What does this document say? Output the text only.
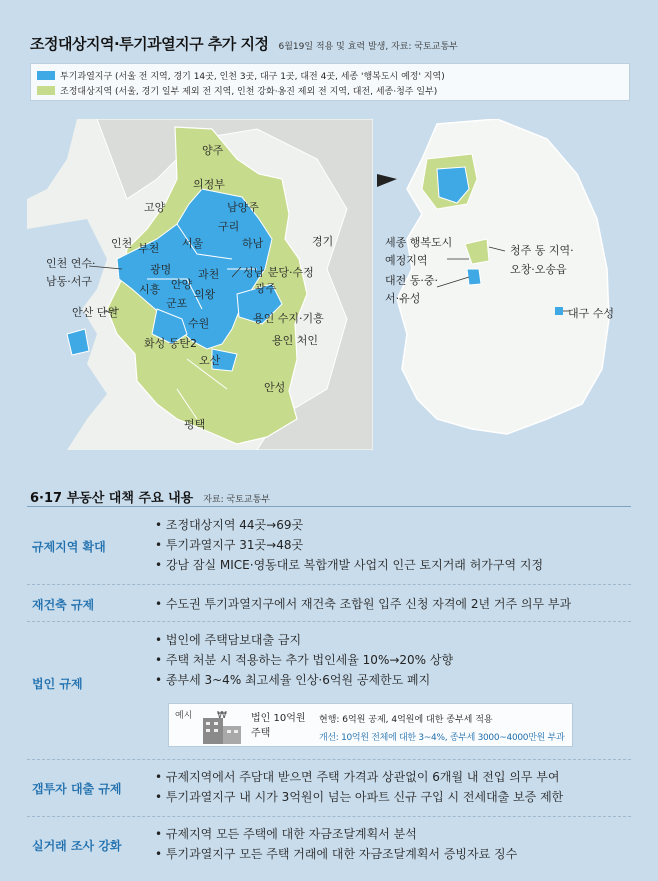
조정대상지역·투기과열지구 추가 지정 6월19일 적용 및 효력 발생, 자료: 국토교통부
투기과열지구 (서울 전 지역, 경기 14곳, 인천 3곳, 대구 1곳, 대전 4곳, 세종 '행복도시 예정' 지역)
조정대상지역 (서울, 경기 일부 제외 전 지역, 인천 강화·옹진 제외 전 지역, 대전, 세종·청주 일부)
양주
의정부
고양	남양주
구리
인천 부천 서울	하남	경기
인천 연수·
남동·서구
광명 과천 성남 분당·수정
시흥 안양
의왕	광주
군포
안산 단원
수원	용인 수지·기흥
용인 처인
화성 동탄2
오산
안성
평택
세종 행복도시
예정지역
대전 동·중·
서·유성
청주 동 지역·
오창·오송읍
대구 수성
6·17 부동산 대책 주요 내용 자료: 국토교통부
규제지역 확대
• 조정대상지역 44곳→69곳
• 투기과열지구 31곳→48곳
• 강남 잠실 MICE·영동대로 복합개발 사업지 인근 토지거래 허가구역 지정
재건축 규제
•	수도권 투기과열지구에서 재건축 조합원 입주 신청 자격에 2년 거주 의무 부과
법인 규제
• 법인에 주택담보대출 금지
• 주택 처분 시 적용하는 추가 법인세율 10%→20% 상향
• 종부세 3~4% 최고세율 인상·6억원 공제한도 폐지
예시 ₩ 법인 10억원 주택
현행: 6억원 공제, 4억원에 대한 종부세 적용
개선: 10억원 전체에 대한 3~4%, 종부세 3000~4000만원 부과
갭투자 대출 규제
• 규제지역에서 주담대 받으면 주택 가격과 상관없이 6개월 내 전입 의무 부여
• 투기과열지구 내 시가 3억원이 넘는 아파트 신규 구입 시 전세대출 보증 제한
실거래 조사 강화
• 규제지역 모든 주택에 대한 자금조달계획서 분석
• 투기과열지구 모든 주택 거래에 대한 자금조달계획서 증빙자료 징수
